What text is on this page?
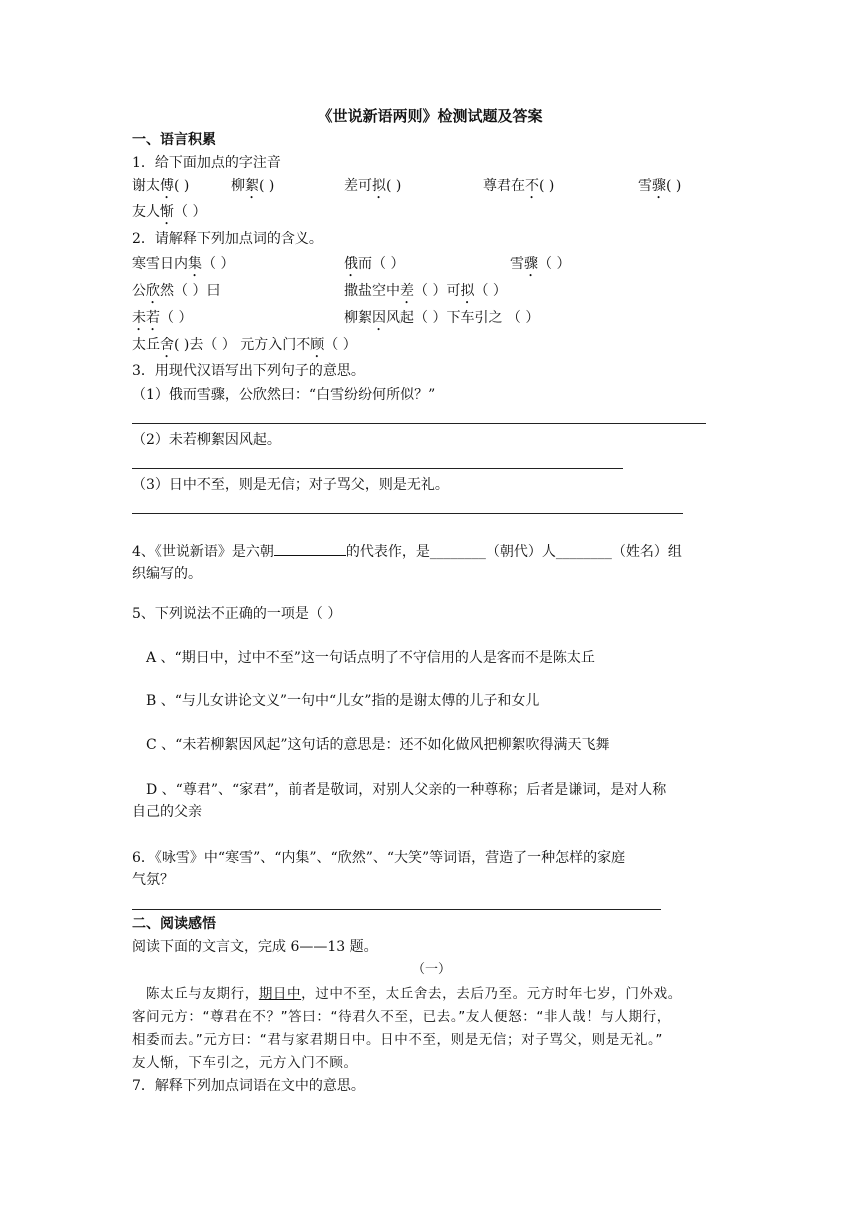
《世说新语两则》检测试题及答案
一、语言积累
1．给下面加点的字注音
谢太傅( )	柳絮( )	差可拟( )	尊君在不( )	雪骤( )
友人惭（ ）
2．请解释下列加点词的含义。
寒雪日内集（ ）	俄而（ ）	雪骤（ ）
公欣然（ ）曰	撒盐空中差（ ）可拟（ ）
未若（ ）	柳絮因风起（ ）下车引之 （ ）
太丘舍( )去（ ） 元方入门不顾（ ）
3．用现代汉语写出下列句子的意思。
（1）俄而雪骤，公欣然曰：“白雪纷纷何所似？”
（2）未若柳絮因风起。
（3）日中不至，则是无信；对子骂父，则是无礼。
4、《世说新语》是六朝	的代表作，是________（朝代）人________（姓名）组
织编写的。
5、下列说法不正确的一项是（ ）
A 、“期日中，过中不至”这一句话点明了不守信用的人是客而不是陈太丘
B 、“与儿女讲论文义”一句中“儿女”指的是谢太傅的儿子和女儿
C 、“未若柳絮因风起”这句话的意思是：还不如化做风把柳絮吹得满天飞舞
D 、“尊君”、“家君”，前者是敬词，对别人父亲的一种尊称；后者是谦词，是对人称
自己的父亲
6．《咏雪》中“寒雪”、“内集”、“欣然”、“大笑”等词语，营造了一种怎样的家庭
气氛？
二、阅读感悟
阅读下面的文言文，完成 6——13 题。
（一）
陈太丘与友期行，期日中，过中不至，太丘舍去，去后乃至。元方时年七岁，门外戏。
客问元方：“尊君在不？”答曰：“待君久不至，已去。”友人便怒：“非人哉！与人期行，
相委而去。”元方曰：“君与家君期日中。日中不至，则是无信；对子骂父，则是无礼。”
友人惭，下车引之，元方入门不顾。
7．解释下列加点词语在文中的意思。
